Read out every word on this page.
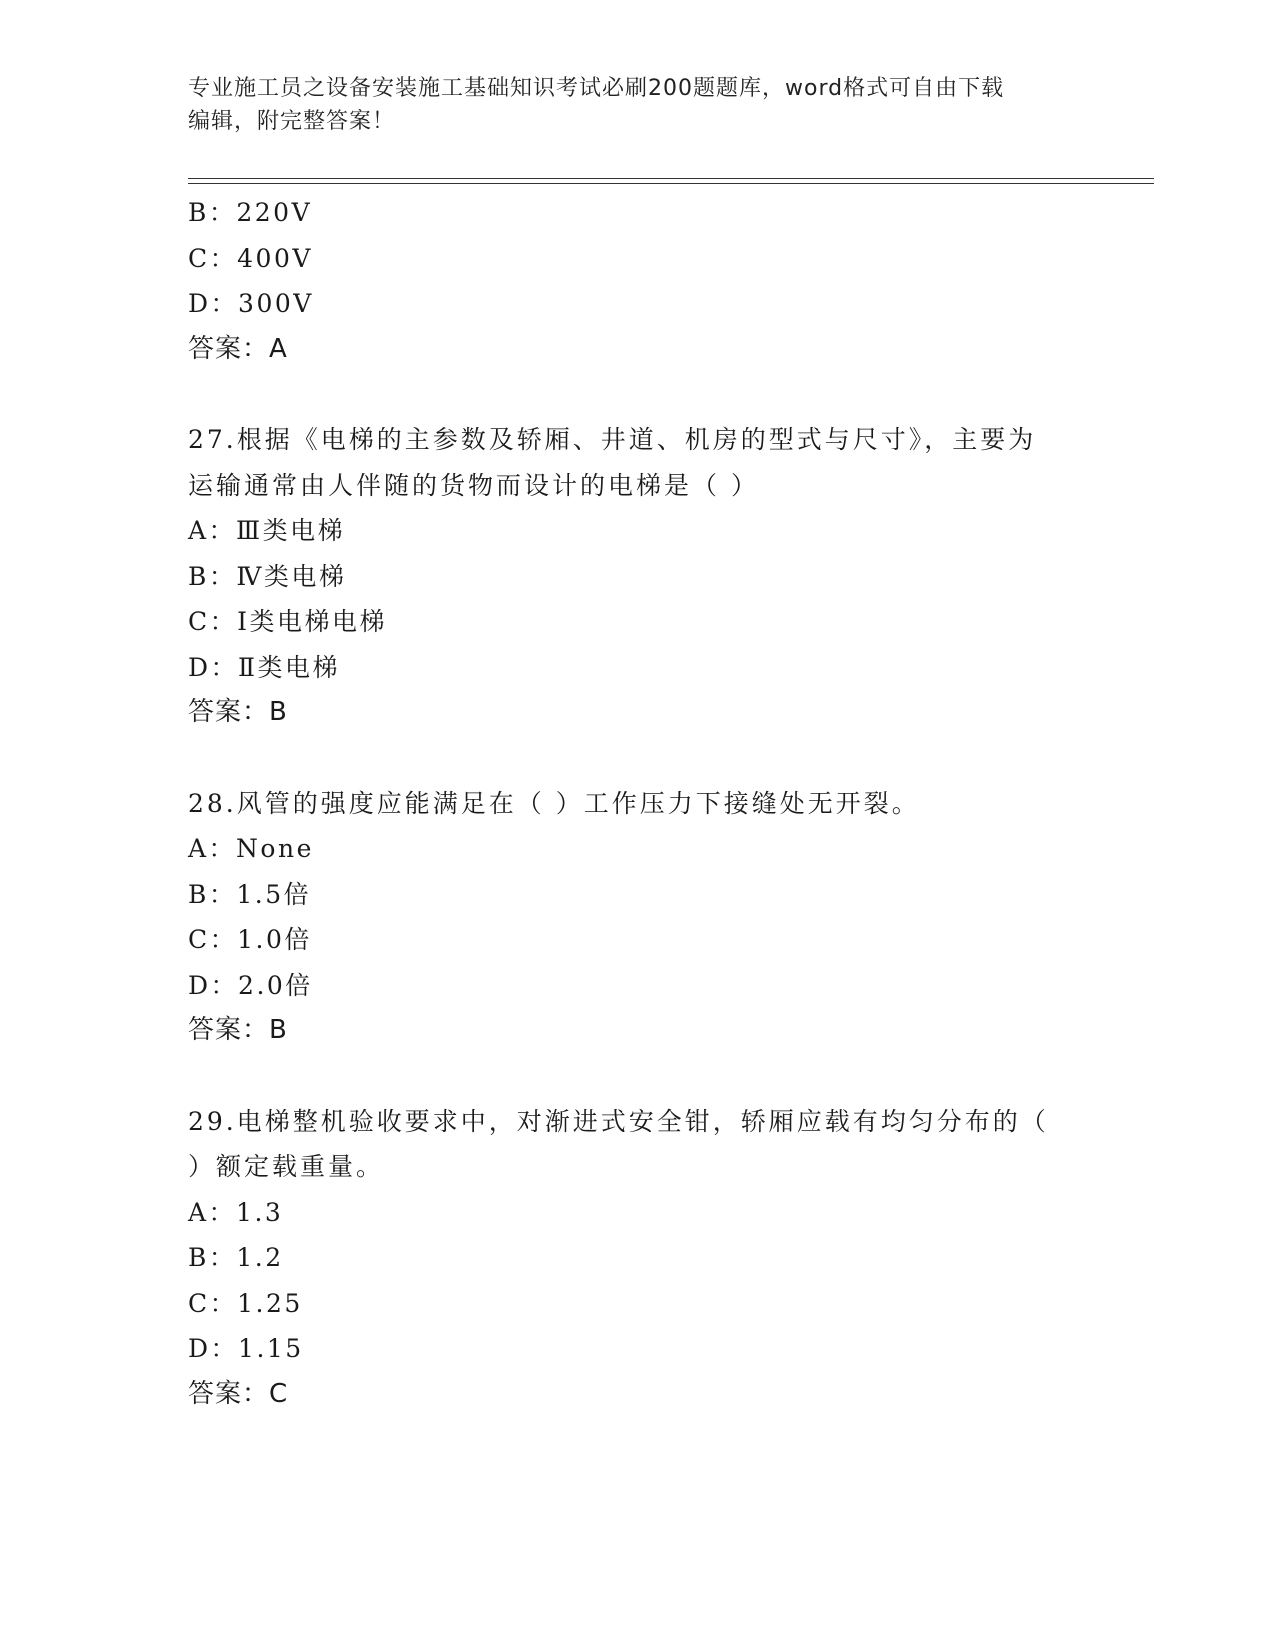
专业施工员之设备安装施工基础知识考试必刷200题题库，word格式可自由下载
编辑，附完整答案！
B：220V
C：400V
D：300V
答案：A
27.根据《电梯的主参数及轿厢、井道、机房的型式与尺寸》，主要为
运输通常由人伴随的货物而设计的电梯是（ ）
A：Ⅲ类电梯
B：Ⅳ类电梯
C：Ⅰ类电梯电梯
D：Ⅱ类电梯
答案：B
28.风管的强度应能满足在（ ）工作压力下接缝处无开裂。
A：None
B：1.5倍
C：1.0倍
D：2.0倍
答案：B
29.电梯整机验收要求中，对渐进式安全钳，轿厢应载有均匀分布的（
）额定载重量。
A：1.3
B：1.2
C：1.25
D：1.15
答案：C
